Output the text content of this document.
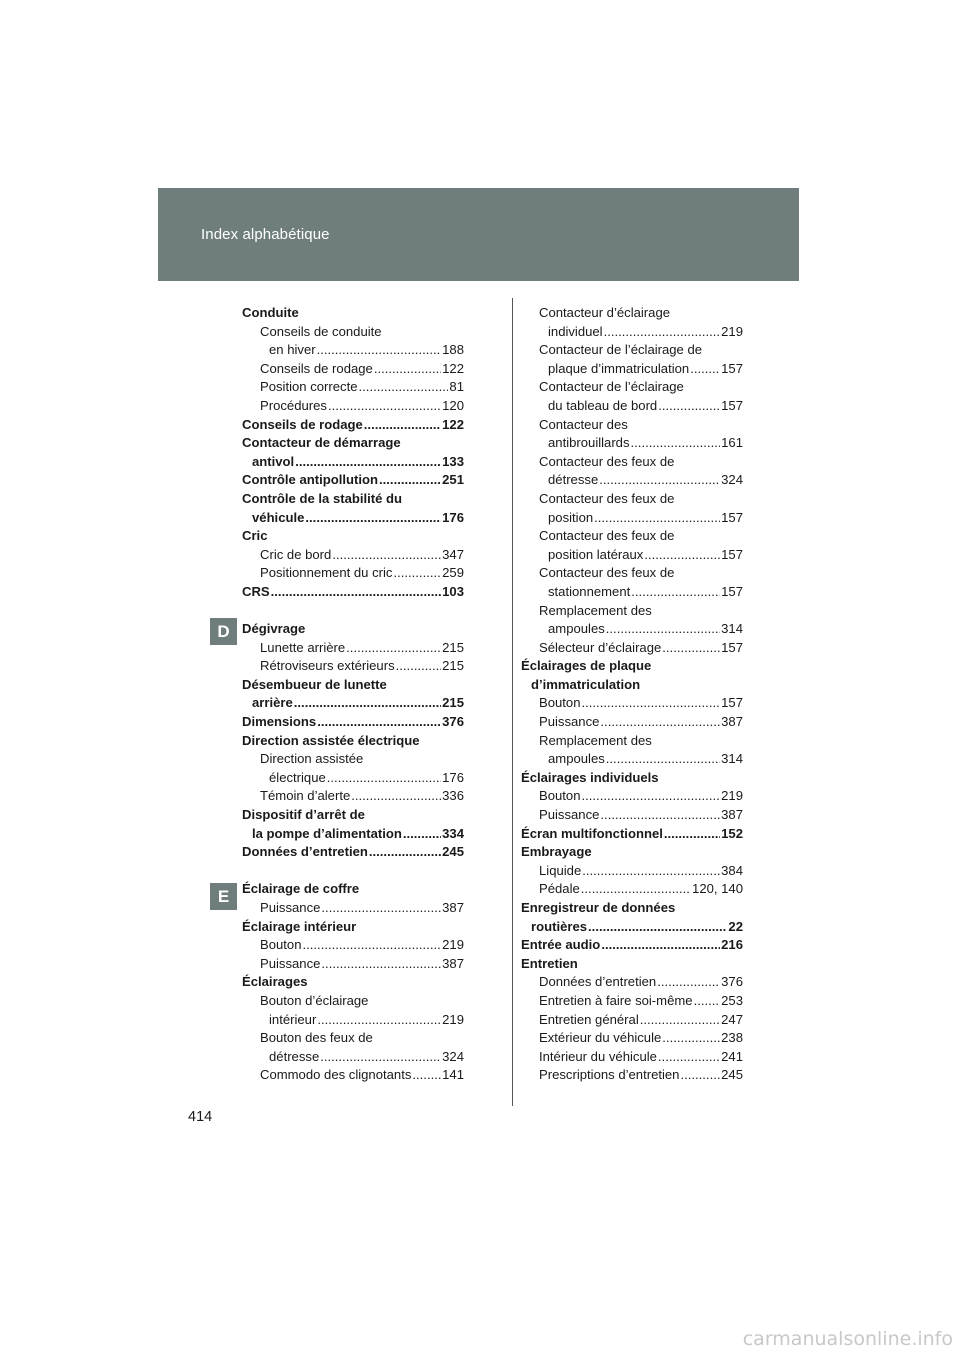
Index alphabétique
Conduite
Conseils de conduite
en hiver .....	188
Conseils de rodage .....	122
Position correcte .....	81
Procédures .....	120
Conseils de rodage .....	122
Contacteur de démarrage
antivol .....	133
Contrôle antipollution .....	251
Contrôle de la stabilité du
véhicule .....	176
Cric
Cric de bord .....	347
Positionnement du cric .....	259
CRS .....	103
Dégivrage
Lunette arrière .....	215
Rétroviseurs extérieurs .....	215
Désembueur de lunette
arrière .....	215
Dimensions .....	376
Direction assistée électrique
Direction assistée
électrique .....	176
Témoin d’alerte .....	336
Dispositif d’arrêt de
la pompe d’alimentation .....	334
Données d’entretien .....	245
Éclairage de coffre
Puissance .....	387
Éclairage intérieur
Bouton .....	219
Puissance .....	387
Éclairages
Bouton d’éclairage
intérieur .....	219
Bouton des feux de
détresse .....	324
Commodo des clignotants ..... 141
Contacteur d’éclairage
individuel .....	219
Contacteur de l’éclairage de
plaque d’immatriculation ..... 157
Contacteur de l’éclairage
du tableau de bord .....	157
Contacteur des
antibrouillards .....	161
Contacteur des feux de
détresse .....	324
Contacteur des feux de
position .....	157
Contacteur des feux de
position latéraux .....	157
Contacteur des feux de
stationnement .....	157
Remplacement des
ampoules .....	314
Sélecteur d’éclairage .....	157
Éclairages de plaque
d’immatriculation
Bouton .....	157
Puissance .....	387
Remplacement des
ampoules .....	314
Éclairages individuels
Bouton .....	219
Puissance .....	387
Écran multifonctionnel .....	152
Embrayage
Liquide .....	384
Pédale .....	120, 140
Enregistreur de données
routières .....	22
Entrée audio .....	216
Entretien
Données d’entretien .....	376
Entretien à faire soi-même ..... 253
Entretien général .....	247
Extérieur du véhicule .....	238
Intérieur du véhicule .....	241
Prescriptions d’entretien .....	245
D
E
414
carmanualsonline.info
